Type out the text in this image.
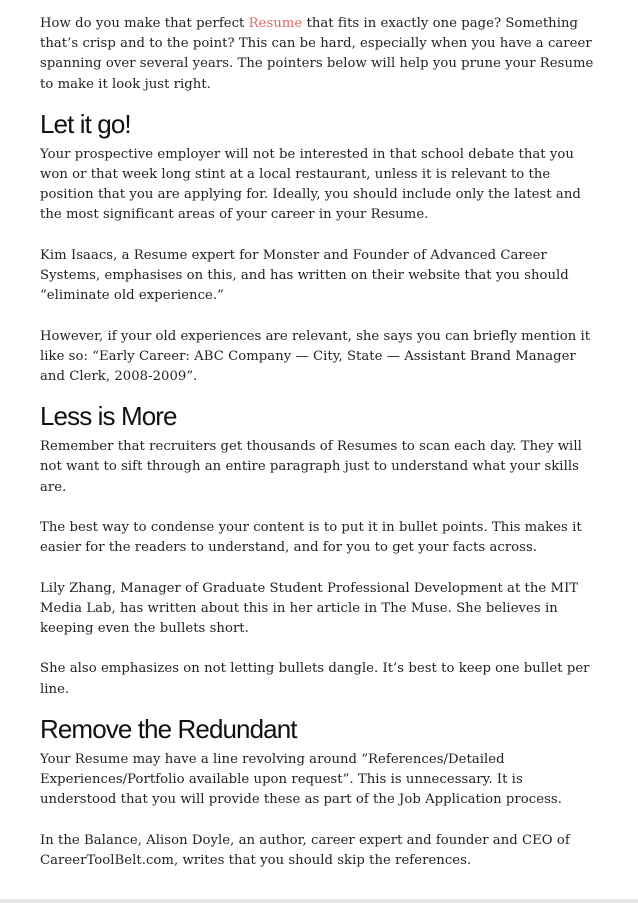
How do you make that perfect Resume that fits in exactly one page? Something that’s crisp and to the point? This can be hard, especially when you have a career spanning over several years. The pointers below will help you prune your Resume to make it look just right.

Let it go!

Your prospective employer will not be interested in that school debate that you won or that week long stint at a local restaurant, unless it is relevant to the position that you are applying for. Ideally, you should include only the latest and the most significant areas of your career in your Resume.

Kim Isaacs, a Resume expert for Monster and Founder of Advanced Career Systems, emphasises on this, and has written on their website that you should “eliminate old experience.”

However, if your old experiences are relevant, she says you can briefly mention it like so: “Early Career: ABC Company — City, State — Assistant Brand Manager and Clerk, 2008-2009”.

Less is More

Remember that recruiters get thousands of Resumes to scan each day. They will not want to sift through an entire paragraph just to understand what your skills are.

The best way to condense your content is to put it in bullet points. This makes it easier for the readers to understand, and for you to get your facts across.

Lily Zhang, Manager of Graduate Student Professional Development at the MIT Media Lab, has written about this in her article in The Muse. She believes in keeping even the bullets short.

She also emphasizes on not letting bullets dangle. It’s best to keep one bullet per line.

Remove the Redundant

Your Resume may have a line revolving around “References/Detailed Experiences/Portfolio available upon request”. This is unnecessary. It is understood that you will provide these as part of the Job Application process.

In the Balance, Alison Doyle, an author, career expert and founder and CEO of CareerToolBelt.com, writes that you should skip the references.
